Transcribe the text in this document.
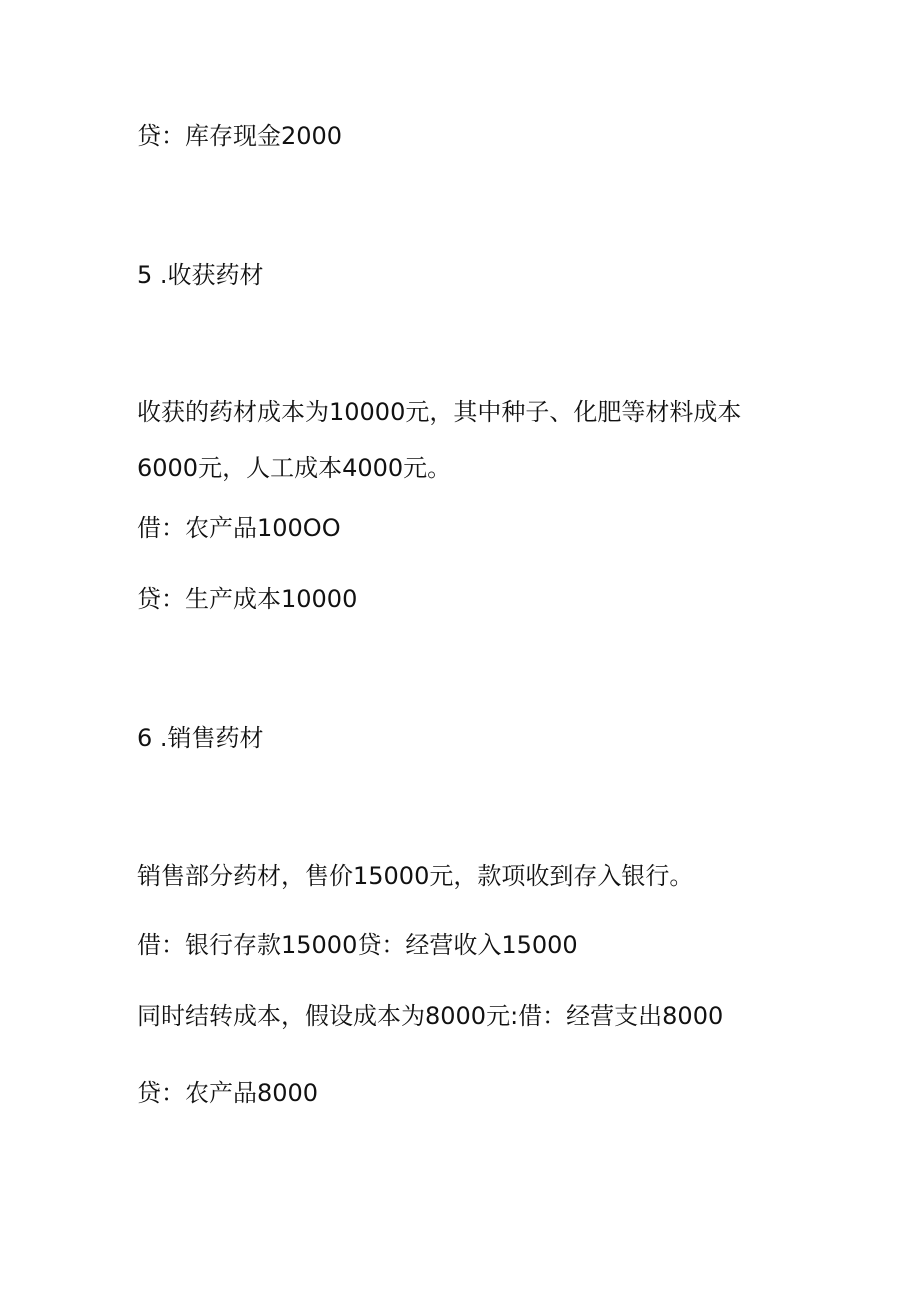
贷：库存现金2000
5 .收获药材
收获的药材成本为10000元，其中种子、化肥等材料成本
6000元，人工成本4000元。
借：农产品100OO
贷：生产成本10000
6 .销售药材
销售部分药材，售价15000元，款项收到存入银行。
借：银行存款15000贷：经营收入15000
同时结转成本，假设成本为8000元:借：经营支出8000
贷：农产品8000
